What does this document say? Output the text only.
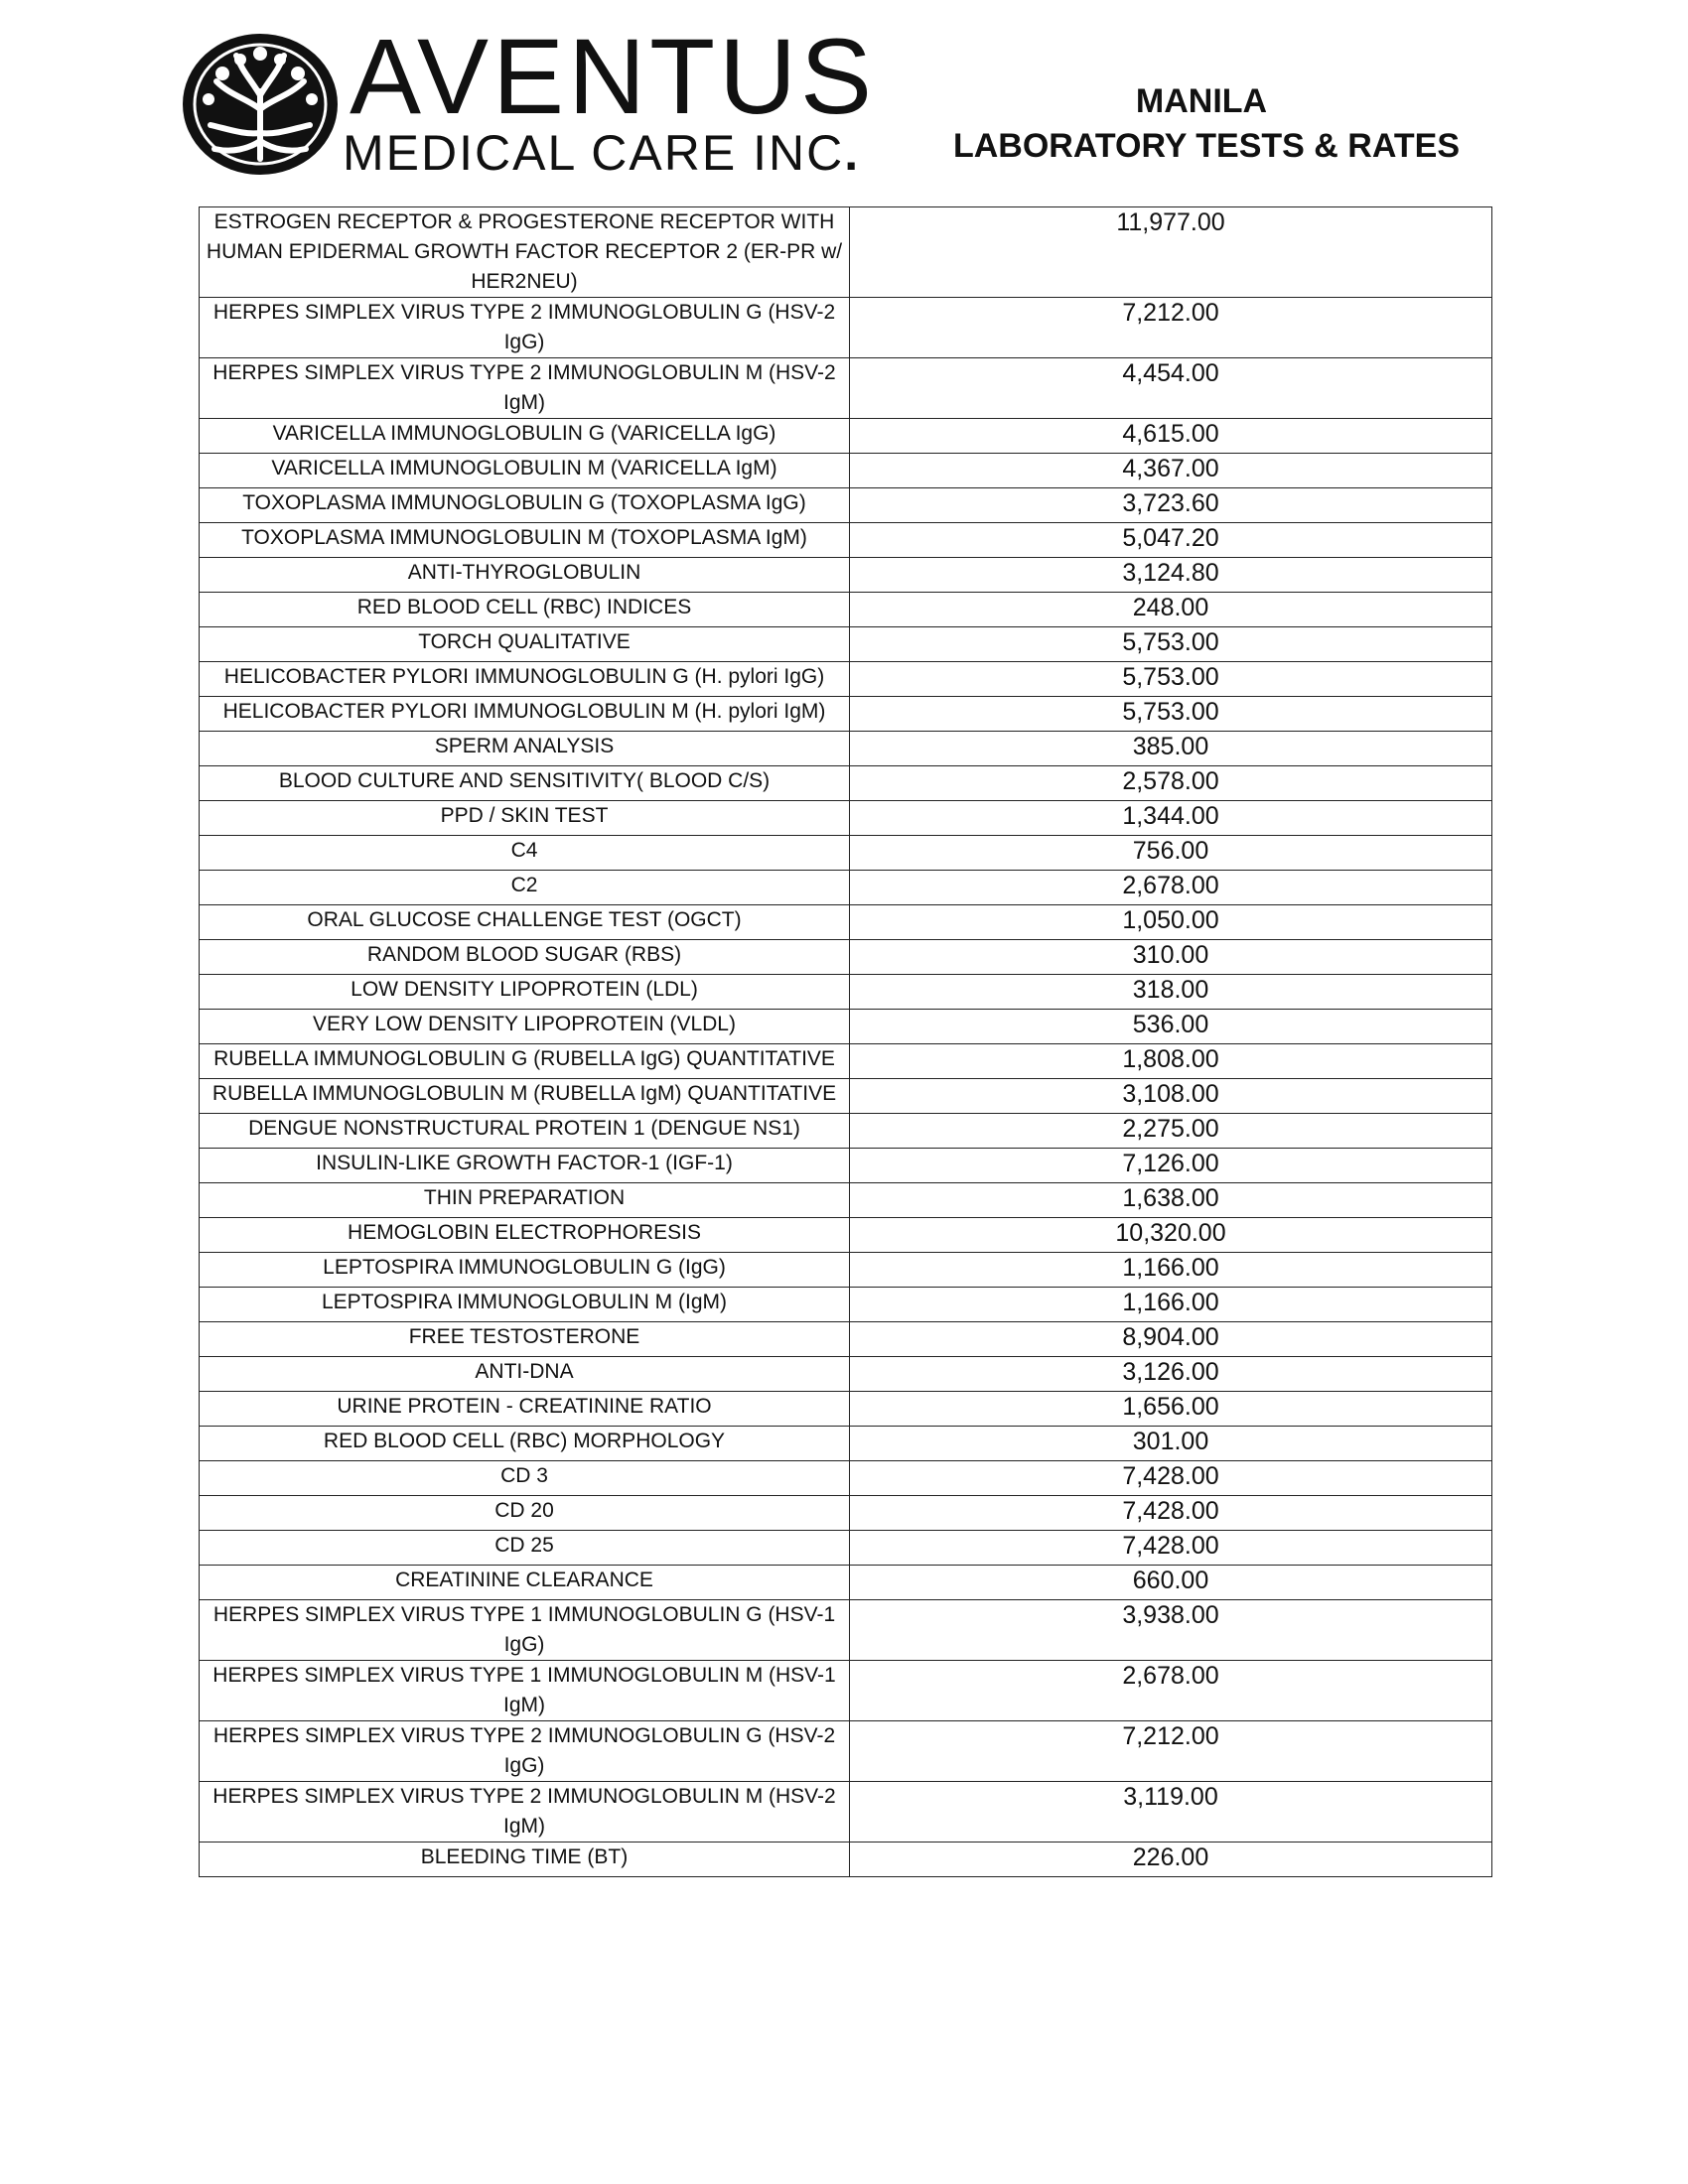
AVENTUS
MEDICAL CARE INC.
MANILA
LABORATORY TESTS & RATES
ESTROGEN RECEPTOR & PROGESTERONE RECEPTOR WITH HUMAN EPIDERMAL GROWTH FACTOR RECEPTOR 2 (ER-PR w/ HER2NEU)	11,977.00
HERPES SIMPLEX VIRUS TYPE 2 IMMUNOGLOBULIN G (HSV-2 IgG)	7,212.00
HERPES SIMPLEX VIRUS TYPE 2 IMMUNOGLOBULIN M (HSV-2 IgM)	4,454.00
VARICELLA IMMUNOGLOBULIN G (VARICELLA IgG)	4,615.00
VARICELLA IMMUNOGLOBULIN M (VARICELLA IgM)	4,367.00
TOXOPLASMA IMMUNOGLOBULIN G (TOXOPLASMA IgG)	3,723.60
TOXOPLASMA IMMUNOGLOBULIN M (TOXOPLASMA IgM)	5,047.20
ANTI-THYROGLOBULIN	3,124.80
RED BLOOD CELL (RBC) INDICES	248.00
TORCH QUALITATIVE	5,753.00
HELICOBACTER PYLORI IMMUNOGLOBULIN G (H. pylori IgG)	5,753.00
HELICOBACTER PYLORI IMMUNOGLOBULIN M (H. pylori IgM)	5,753.00
SPERM ANALYSIS	385.00
BLOOD CULTURE AND SENSITIVITY( BLOOD C/S)	2,578.00
PPD / SKIN TEST	1,344.00
C4	756.00
C2	2,678.00
ORAL GLUCOSE CHALLENGE TEST (OGCT)	1,050.00
RANDOM BLOOD SUGAR (RBS)	310.00
LOW DENSITY LIPOPROTEIN (LDL)	318.00
VERY LOW DENSITY LIPOPROTEIN (VLDL)	536.00
RUBELLA IMMUNOGLOBULIN G (RUBELLA IgG) QUANTITATIVE	1,808.00
RUBELLA IMMUNOGLOBULIN M (RUBELLA IgM) QUANTITATIVE	3,108.00
DENGUE NONSTRUCTURAL PROTEIN 1 (DENGUE NS1)	2,275.00
INSULIN-LIKE GROWTH FACTOR-1 (IGF-1)	7,126.00
THIN PREPARATION	1,638.00
HEMOGLOBIN ELECTROPHORESIS	10,320.00
LEPTOSPIRA IMMUNOGLOBULIN G (IgG)	1,166.00
LEPTOSPIRA IMMUNOGLOBULIN M (IgM)	1,166.00
FREE TESTOSTERONE	8,904.00
ANTI-DNA	3,126.00
URINE PROTEIN - CREATININE RATIO	1,656.00
RED BLOOD CELL (RBC) MORPHOLOGY	301.00
CD 3	7,428.00
CD 20	7,428.00
CD 25	7,428.00
CREATININE CLEARANCE	660.00
HERPES SIMPLEX VIRUS TYPE 1 IMMUNOGLOBULIN G (HSV-1 IgG)	3,938.00
HERPES SIMPLEX VIRUS TYPE 1 IMMUNOGLOBULIN M (HSV-1 IgM)	2,678.00
HERPES SIMPLEX VIRUS TYPE 2 IMMUNOGLOBULIN G (HSV-2 IgG)	7,212.00
HERPES SIMPLEX VIRUS TYPE 2 IMMUNOGLOBULIN M (HSV-2 IgM)	3,119.00
BLEEDING TIME (BT)	226.00
